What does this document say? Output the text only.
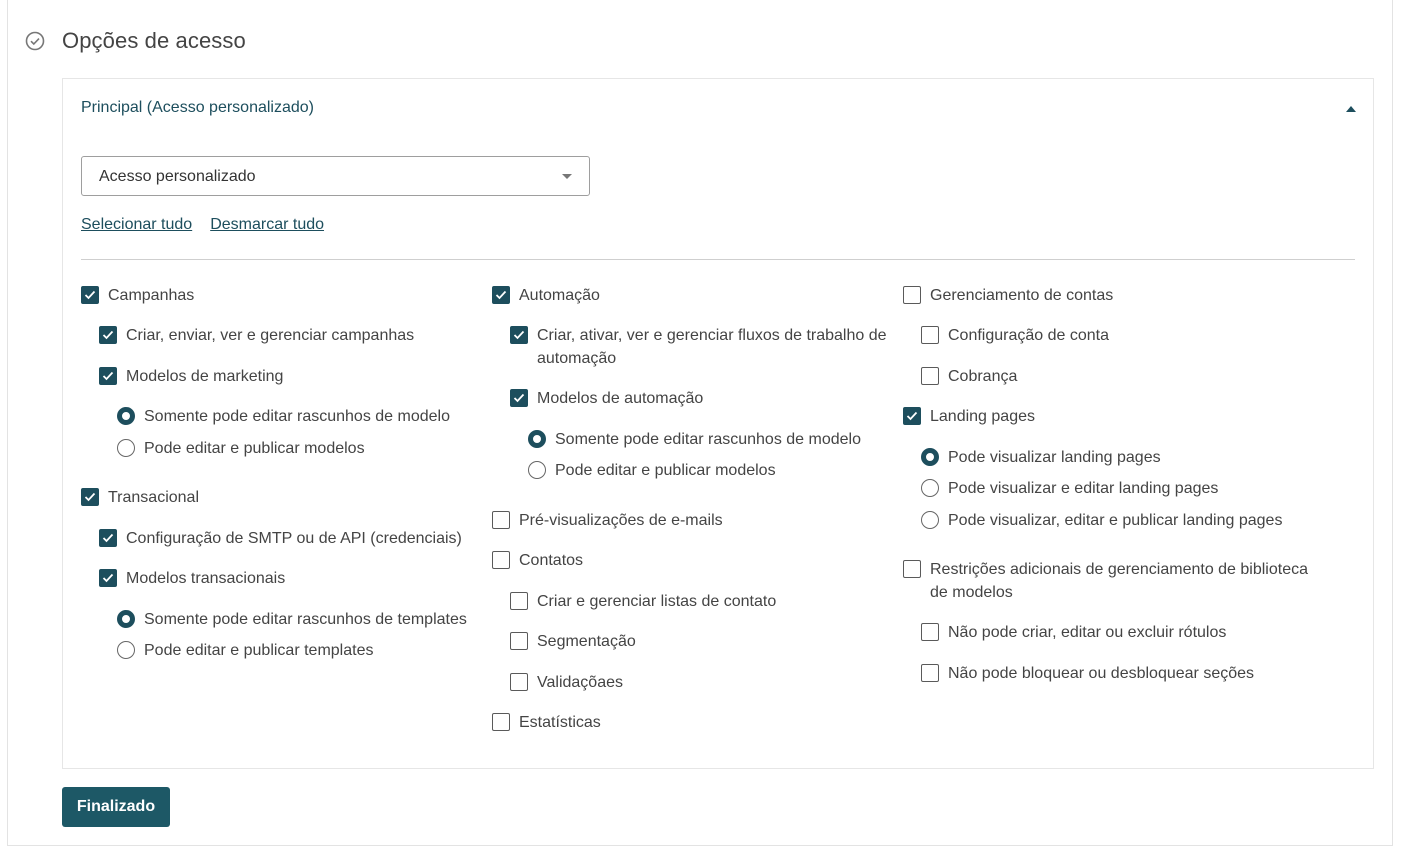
Opções de acesso
Principal (Acesso personalizado)
Acesso personalizado
Selecionar tudo Desmarcar tudo
Campanhas
Criar, enviar, ver e gerenciar campanhas
Modelos de marketing
Somente pode editar rascunhos de modelo
Pode editar e publicar modelos
Transacional
Configuração de SMTP ou de API (credenciais)
Modelos transacionais
Somente pode editar rascunhos de templates
Pode editar e publicar templates
Automação
Criar, ativar, ver e gerenciar fluxos de trabalho de
automação
Modelos de automação
Somente pode editar rascunhos de modelo
Pode editar e publicar modelos
Pré-visualizações de e-mails
Contatos
Criar e gerenciar listas de contato
Segmentação
Validaçõaes
Estatísticas
Gerenciamento de contas
Configuração de conta
Cobrança
Landing pages
Pode visualizar landing pages
Pode visualizar e editar landing pages
Pode visualizar, editar e publicar landing pages
Restrições adicionais de gerenciamento de biblioteca
de modelos
Não pode criar, editar ou excluir rótulos
Não pode bloquear ou desbloquear seções
Finalizado
